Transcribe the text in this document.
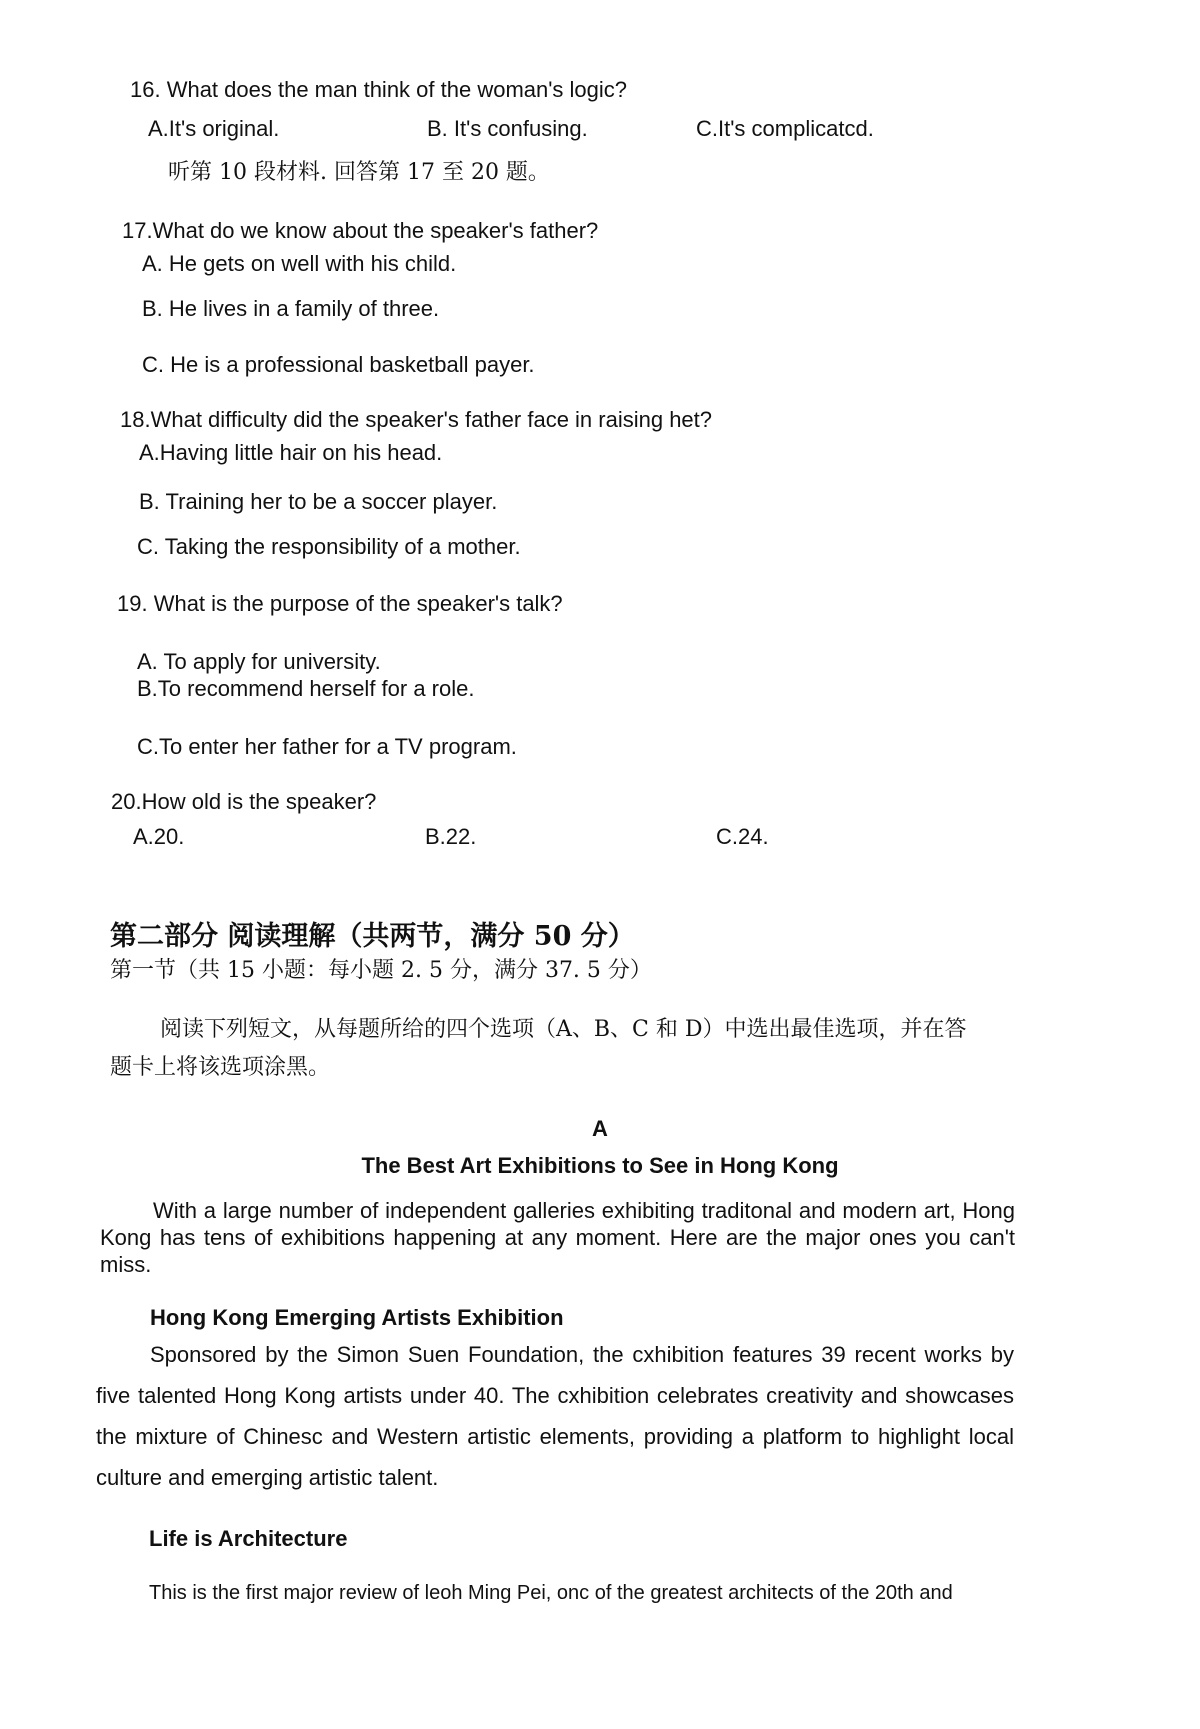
16. What does the man think of the woman's logic?
A.It's original.	B. It's confusing.	C.It's complicatcd.
听第 10 段材料. 回答第 17 至 20 题。
17.What do we know about the speaker's father?
A. He gets on well with his child.
B. He lives in a family of three.
C. He is a professional basketball payer.
18.What difficulty did the speaker's father face in raising het?
A.Having little hair on his head.
B. Training her to be a soccer player.
C. Taking the responsibility of a mother.
19. What is the purpose of the speaker's talk?
A. To apply for university.
B.To recommend herself for a role.
C.To enter her father for a TV program.
20.How old is the speaker?
A.20.	B.22.	C.24.
第二部分 阅读理解（共两节，满分 50 分）
第一节（共 15 小题：每小题 2. 5 分，满分 37. 5 分）
阅读下列短文，从每题所给的四个选项（A、B、C 和 D）中选出最佳选项，并在答
题卡上将该选项涂黑。
A
The Best Art Exhibitions to See in Hong Kong
With a large number of independent galleries exhibiting traditonal and modern art, Hong Kong has tens of exhibitions happening at any moment. Here are the major ones you can't miss.
Hong Kong Emerging Artists Exhibition
Sponsored by the Simon Suen Foundation, the cxhibition features 39 recent works by five talented Hong Kong artists under 40. The cxhibition celebrates creativity and showcases the mixture of Chinesc and Western artistic elements, providing a platform to highlight local culture and emerging artistic talent.
Life is Architecture
This is the first major review of leoh Ming Pei, onc of the greatest architects of the 20th and
